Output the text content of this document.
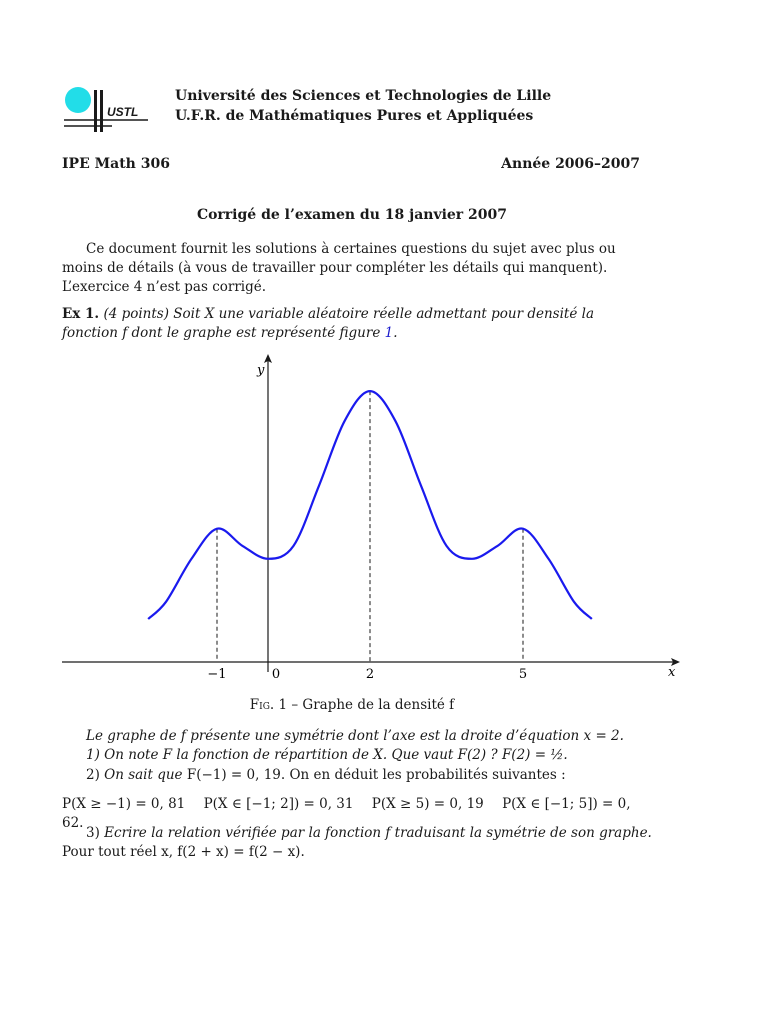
USTL
Université des Sciences et Technologies de Lille
U.F.R. de Mathématiques Pures et Appliquées
IPE Math 306	Année 2006–2007
Corrigé de l’examen du 18 janvier 2007
Ce document fournit les solutions à certaines questions du sujet avec plus ou moins de détails (à vous de travailler pour compléter les détails qui manquent). L’exercice 4 n’est pas corrigé.
Ex 1. (4 points) Soit X une variable aléatoire réelle admettant pour densité la fonction f dont le graphe est représenté figure 1.
x
y
−1	0	2	5
Fig. 1 – Graphe de la densité f
Le graphe de f présente une symétrie dont l’axe est la droite d’équation x = 2.
1) On note F la fonction de répartition de X. Que vaut F(2) ? F(2) = ½.
2) On sait que F(−1) = 0, 19. On en déduit les probabilités suivantes :
P(X ≥ −1) = 0, 81 P(X ∈ [−1; 2]) = 0, 31 P(X ≥ 5) = 0, 19 P(X ∈ [−1; 5]) = 0, 62.
3) Ecrire la relation vérifiée par la fonction f traduisant la symétrie de son graphe.
Pour tout réel x, f(2 + x) = f(2 − x).
